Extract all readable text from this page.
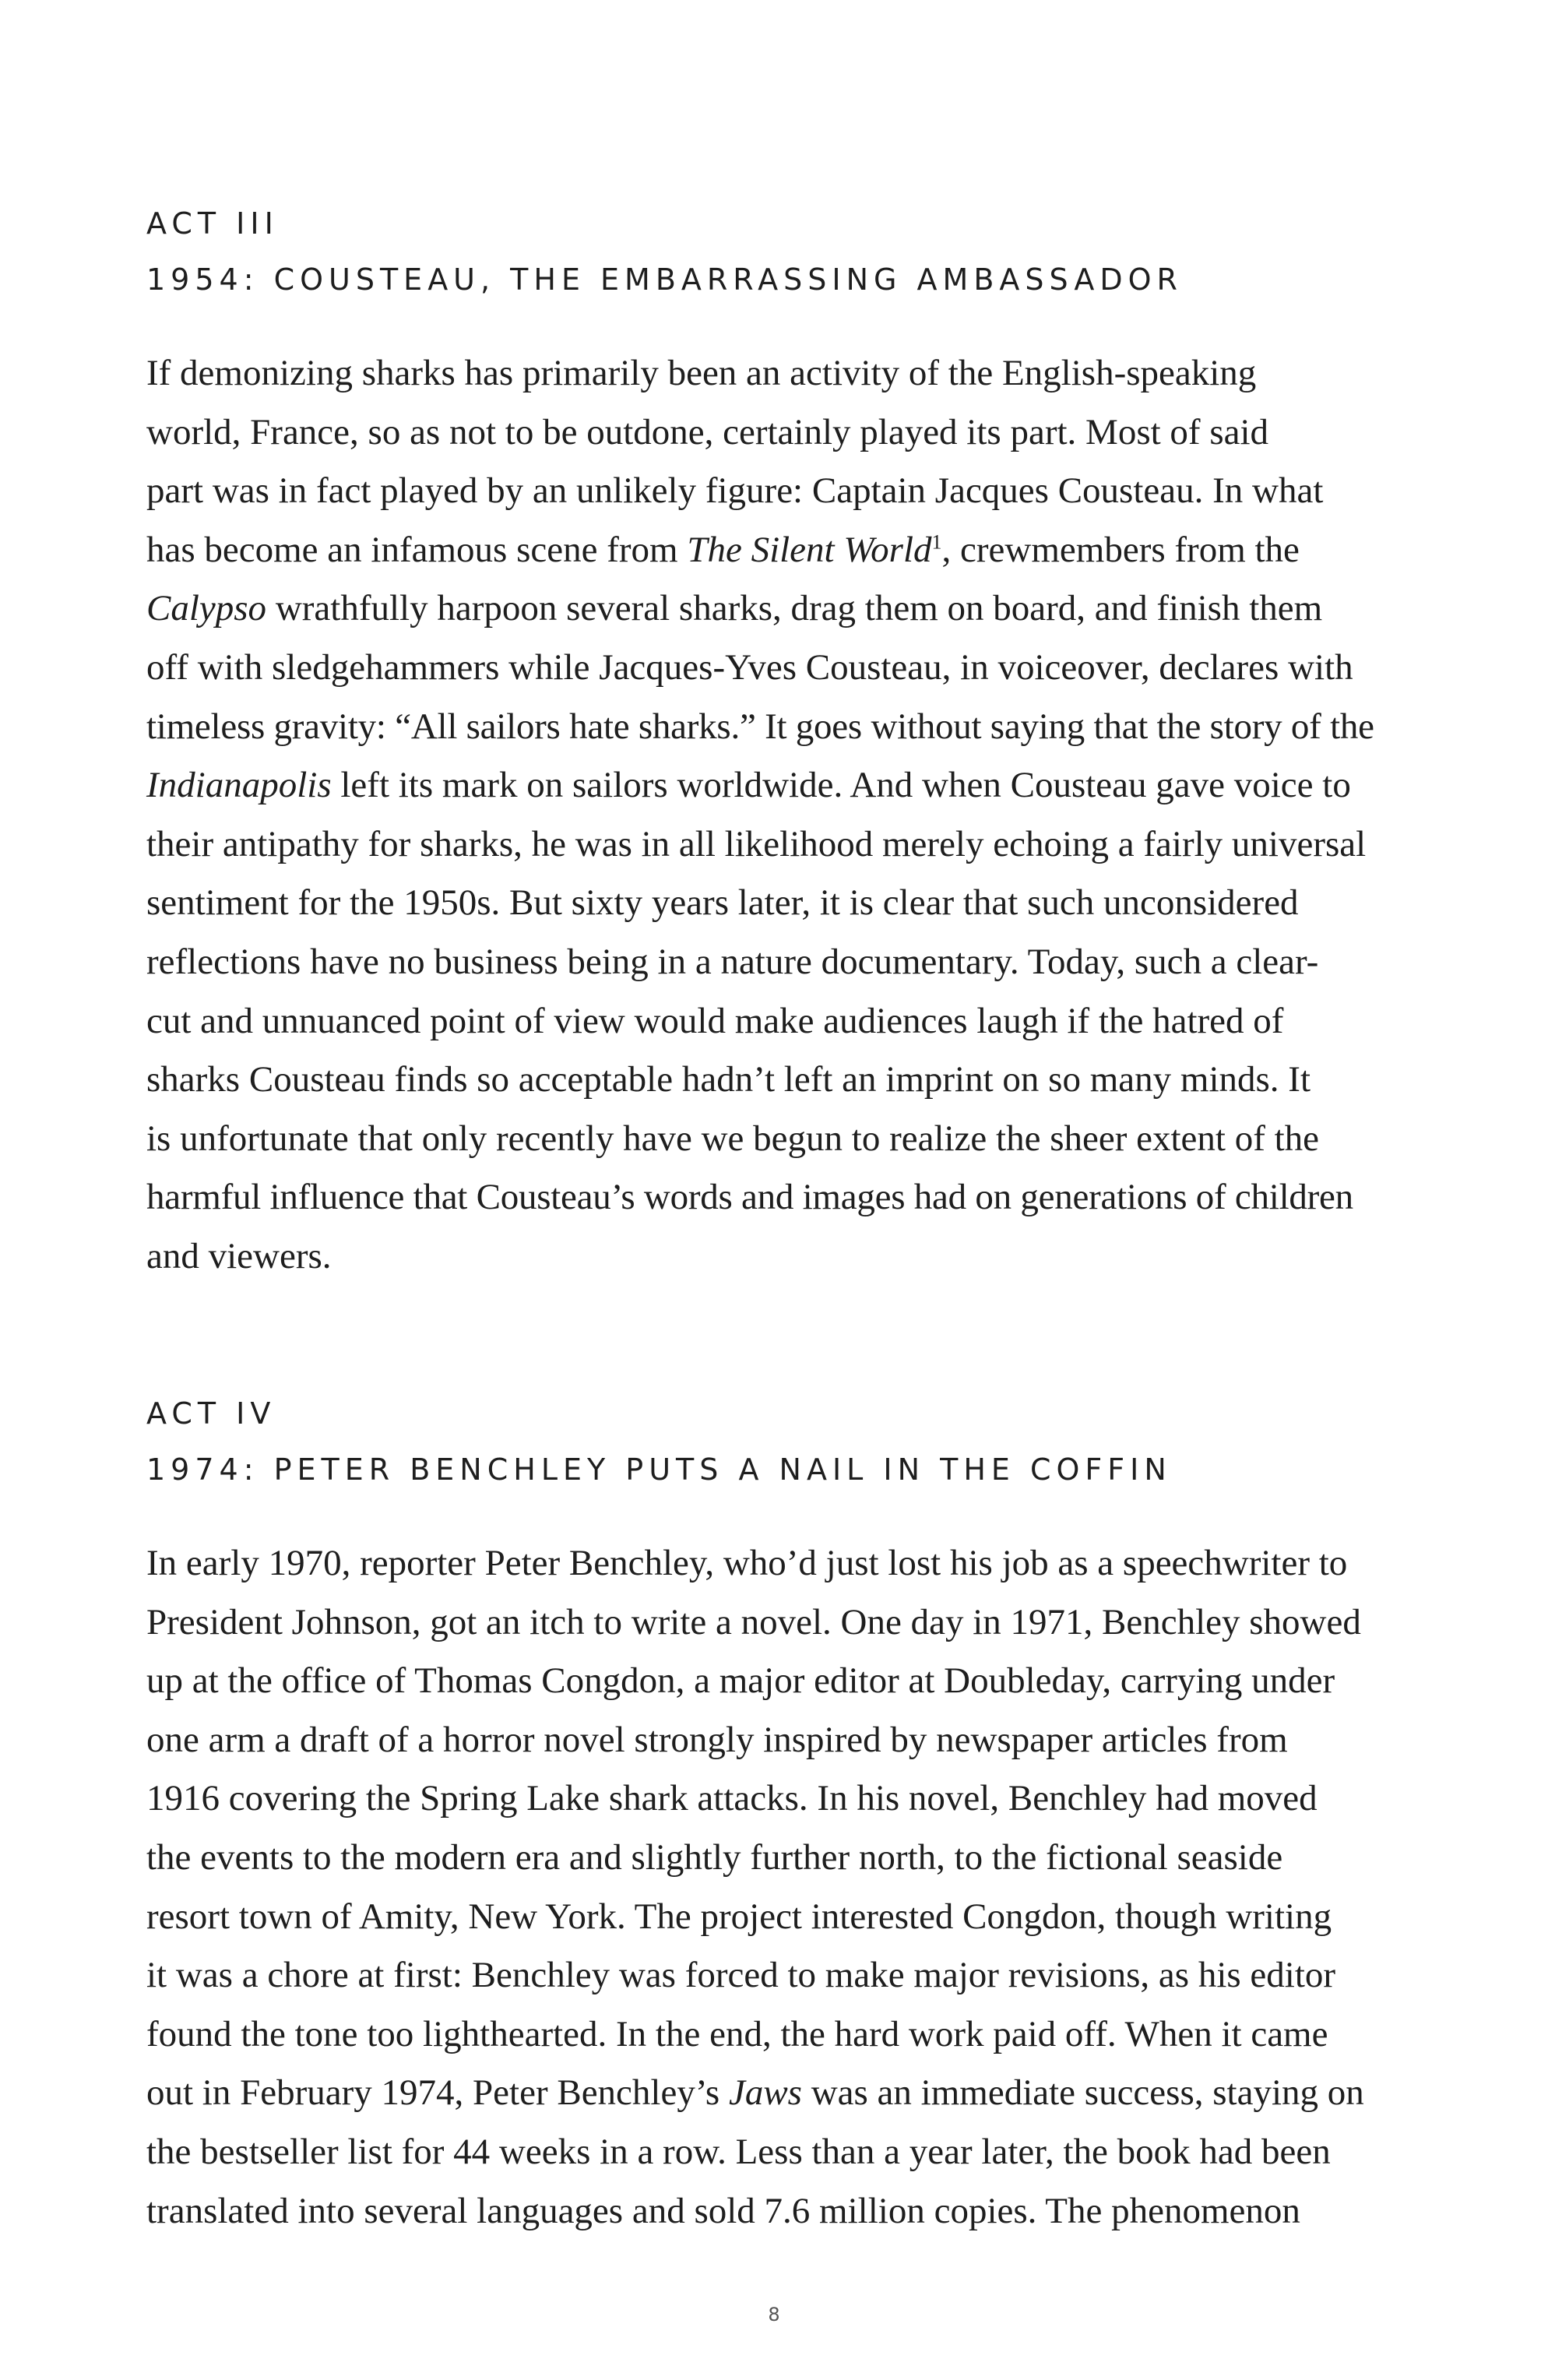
ACT III
1954: COUSTEAU, THE EMBARRASSING AMBASSADOR

If demonizing sharks has primarily been an activity of the English-speaking
world, France, so as not to be outdone, certainly played its part. Most of said
part was in fact played by an unlikely figure: Captain Jacques Cousteau. In what
has become an infamous scene from The Silent World$^1$, crewmembers from the
Calypso wrathfully harpoon several sharks, drag them on board, and finish them
off with sledgehammers while Jacques-Yves Cousteau, in voiceover, declares with
timeless gravity: “All sailors hate sharks.” It goes without saying that the story of the
Indianapolis left its mark on sailors worldwide. And when Cousteau gave voice to
their antipathy for sharks, he was in all likelihood merely echoing a fairly universal
sentiment for the 1950s. But sixty years later, it is clear that such unconsidered
reflections have no business being in a nature documentary. Today, such a clear-
cut and unnuanced point of view would make audiences laugh if the hatred of
sharks Cousteau finds so acceptable hadn’t left an imprint on so many minds. It
is unfortunate that only recently have we begun to realize the sheer extent of the
harmful influence that Cousteau’s words and images had on generations of children
and viewers.

ACT IV
1974: PETER BENCHLEY PUTS A NAIL IN THE COFFIN

In early 1970, reporter Peter Benchley, who’d just lost his job as a speechwriter to
President Johnson, got an itch to write a novel. One day in 1971, Benchley showed
up at the office of Thomas Congdon, a major editor at Doubleday, carrying under
one arm a draft of a horror novel strongly inspired by newspaper articles from
1916 covering the Spring Lake shark attacks. In his novel, Benchley had moved
the events to the modern era and slightly further north, to the fictional seaside
resort town of Amity, New York. The project interested Congdon, though writing
it was a chore at first: Benchley was forced to make major revisions, as his editor
found the tone too lighthearted. In the end, the hard work paid off. When it came
out in February 1974, Peter Benchley’s Jaws was an immediate success, staying on
the bestseller list for 44 weeks in a row. Less than a year later, the book had been
translated into several languages and sold 7.6 million copies. The phenomenon

8
